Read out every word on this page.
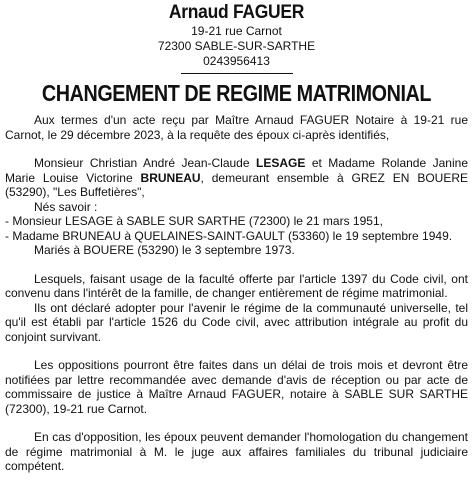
Arnaud FAGUER
19-21 rue Carnot
72300 SABLE-SUR-SARTHE
0243956413
CHANGEMENT DE REGIME MATRIMONIAL

Aux termes d'un acte reçu par Maître Arnaud FAGUER Notaire à 19-21 rue Carnot, le 29 décembre 2023, à la requête des époux ci-après identifiés,

Monsieur Christian André Jean-Claude LESAGE et Madame Rolande Janine Marie Louise Victorine BRUNEAU, demeurant ensemble à GREZ EN BOUERE (53290), "Les Buffetières",

Nés savoir :
- Monsieur LESAGE à SABLE SUR SARTHE (72300) le 21 mars 1951,
- Madame BRUNEAU à QUELAINES-SAINT-GAULT (53360) le 19 septembre 1949.
Mariés à BOUERE (53290) le 3 septembre 1973.

Lesquels, faisant usage de la faculté offerte par l'article 1397 du Code civil, ont convenu dans l'intérêt de la famille, de changer entièrement de régime matrimonial.

Ils ont déclaré adopter pour l'avenir le régime de la communauté universelle, tel qu'il est établi par l'article 1526 du Code civil, avec attribution intégrale au profit du conjoint survivant.

Les oppositions pourront être faites dans un délai de trois mois et devront être notifiées par lettre recommandée avec demande d'avis de réception ou par acte de commissaire de justice à Maître Arnaud FAGUER, notaire à SABLE SUR SARTHE (72300), 19-21 rue Carnot.

En cas d'opposition, les époux peuvent demander l'homologation du changement de régime matrimonial à M. le juge aux affaires familiales du tribunal judiciaire compétent.
